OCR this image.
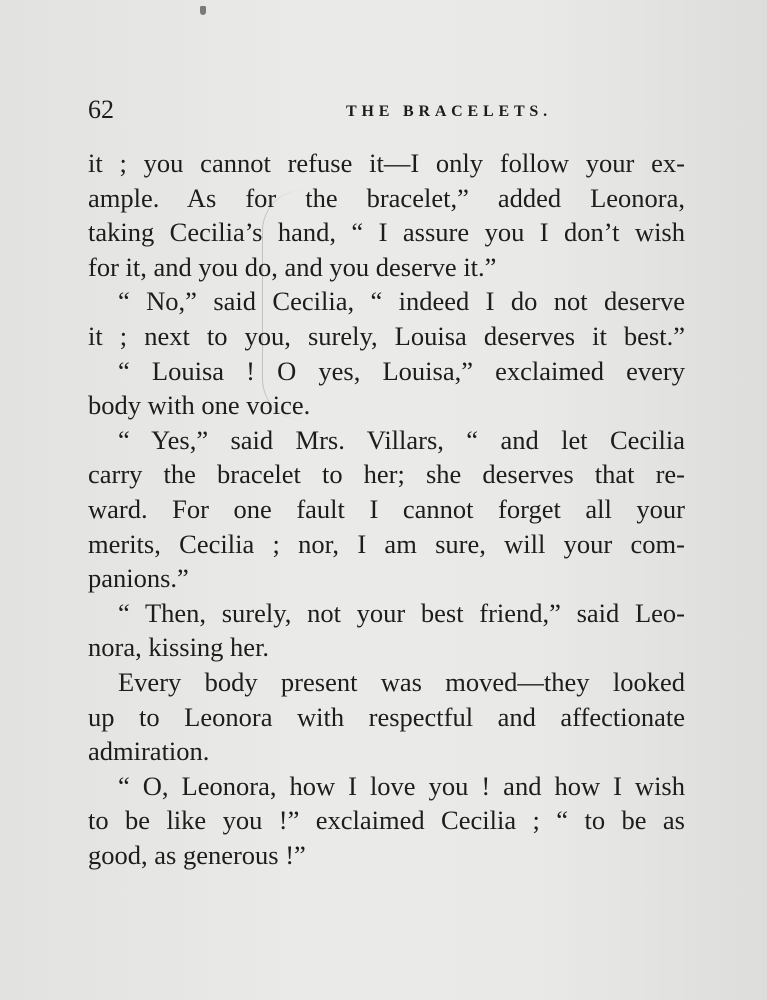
62	THE BRACELETS.
it ; you cannot refuse it—I only follow your ex-
ample. As for the bracelet,” added Leonora,
taking Cecilia’s hand, “ I assure you I don’t wish
for it, and you do, and you deserve it.”
“ No,” said Cecilia, “ indeed I do not deserve
it ; next to you, surely, Louisa deserves it best.”
“ Louisa ! O yes, Louisa,” exclaimed every
body with one voice.
“ Yes,” said Mrs. Villars, “ and let Cecilia
carry the bracelet to her; she deserves that re-
ward. For one fault I cannot forget all your
merits, Cecilia ; nor, I am sure, will your com-
panions.”
“ Then, surely, not your best friend,” said Leo-
nora, kissing her.
Every body present was moved—they looked
up to Leonora with respectful and affectionate
admiration.
“ O, Leonora, how I love you ! and how I wish
to be like you !” exclaimed Cecilia ; “ to be as
good, as generous !”
